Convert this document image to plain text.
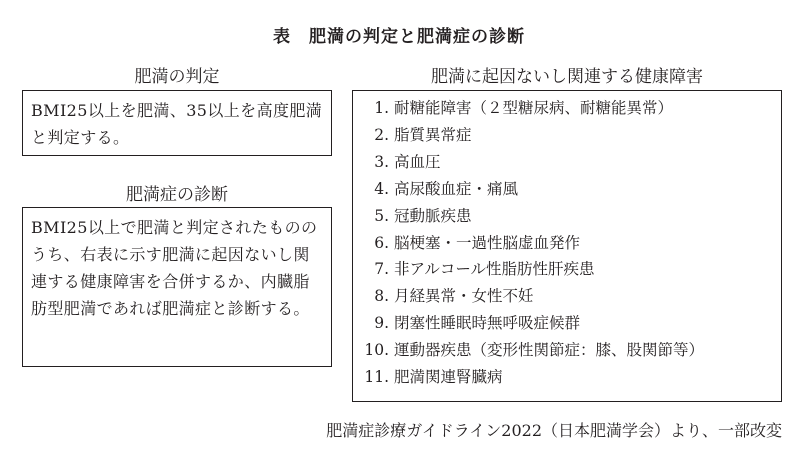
表　肥満の判定と肥満症の診断
肥満の判定
BMI25以上を肥満、35以上を高度肥満と判定する。
肥満症の診断
BMI25以上で肥満と判定されたもののうち、右表に示す肥満に起因ないし関連する健康障害を合併するか、内臓脂肪型肥満であれば肥満症と診断する。
肥満に起因ないし関連する健康障害
1. 耐糖能障害（２型糖尿病、耐糖能異常）
2. 脂質異常症
3. 高血圧
4. 高尿酸血症・痛風
5. 冠動脈疾患
6. 脳梗塞・一過性脳虚血発作
7. 非アルコール性脂肪性肝疾患
8. 月経異常・女性不妊
9. 閉塞性睡眠時無呼吸症候群
10. 運動器疾患（変形性関節症：膝、股関節等）
11. 肥満関連腎臓病
肥満症診療ガイドライン2022（日本肥満学会）より、一部改変
